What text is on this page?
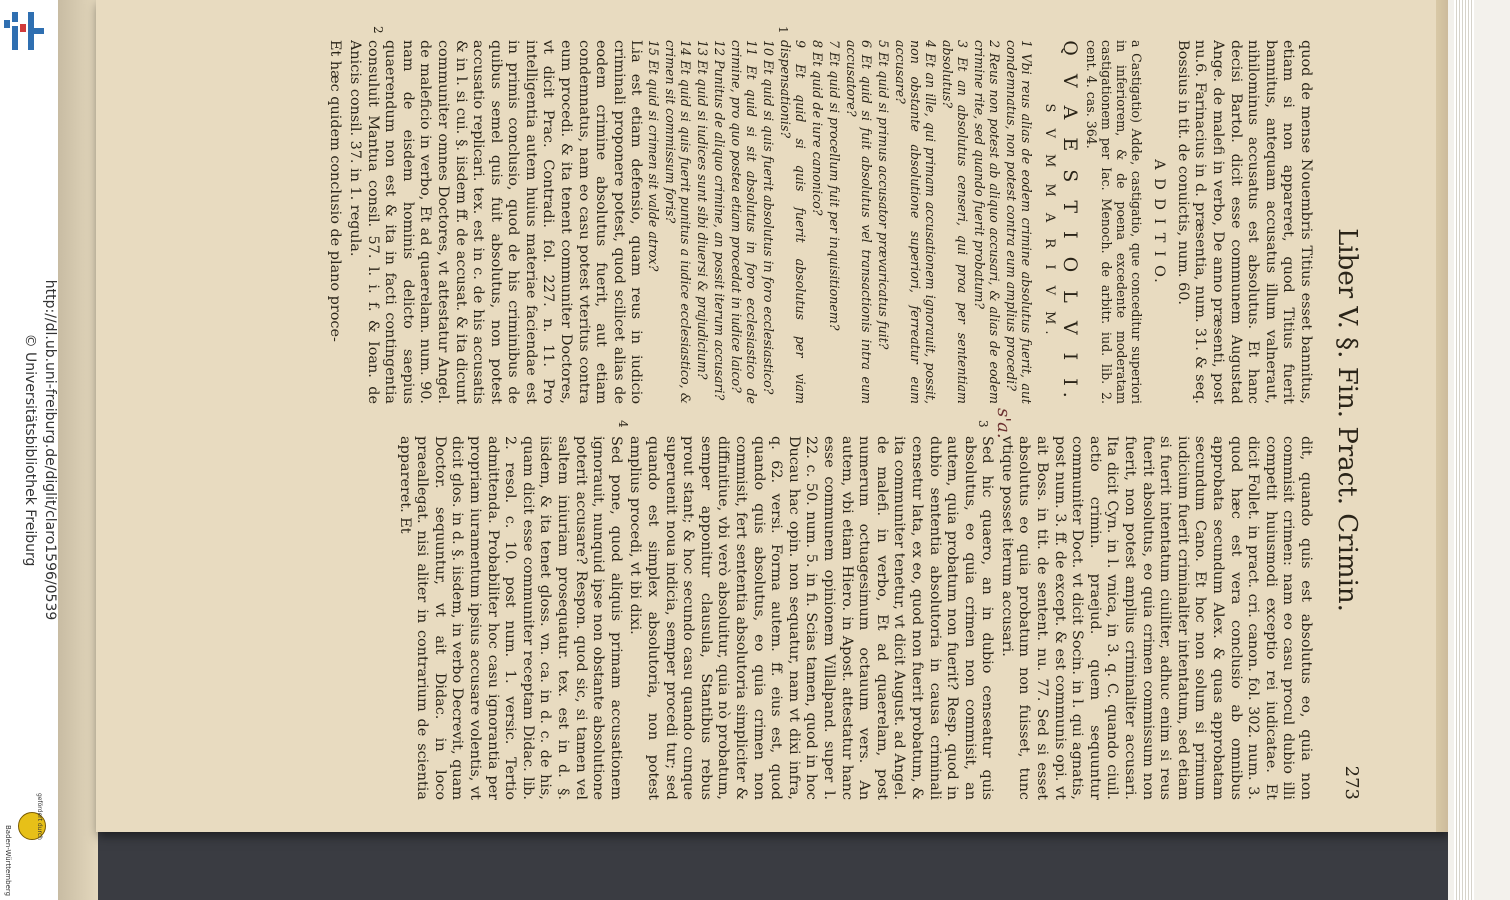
http://dl.ub.uni-freiburg.de/diglit/claro1596/0539
© Universitätsbibliothek Freiburg
gefördert durch
Baden-Württemberg
Liber V. §. Fin. Pract. Crimin.
273

quod de mense Nouembris Titius esset bannitus, etiam si non appareret, quod Titius fuerit bannitus, antequam accusatus illum valneraut, nihilominus accusatus est absolutus. Et hanc decisi Bartol. dicit esse communem Augustad Ange. de malefi in verbo, De anno præsenti, post nu.6. Farinacius in d. præsentia, num. 31. & seq. Bossius in tit. de conuictis, num. 60.

A D D I T I O.

a Castigatio) Adde, castigatio, que conceditur superiori in inferiorem, & de poena excedente moderatam castigationem per Iac. Menoch. de arbitr. iud. lib. 2. cent. 4. cas. 364.

Q V A E S T I O L V I I.
S V M M A R I V M.

1 Vbi reus alias de eodem crimine absolutus fuerit, aut condemnatus, non potest contra eum amplius procedi?

2 Reus non potest ab aliquo accusari, & alias de eodem crimine rite, sed quando fuerit probatum?

3 Et an absolutus censeri, qui proa per sententiam absolutus?

4 Et an ille, qui primam accusationem ignorauit, possit, non obstante absolutione superiori, ferreatur eum accusare?

5 Et quid si primus accusator prævaricatus fuit?

6 Et quid si fuit absolutus vel transactionis intra eum accusatore?

7 Et quid si procellum fuit per inquisitionem?

8 Et quid de iure canonico?

9 Et quid si quis fuerit absolutus per viam dispensationis?

10 Et quid si quis fuerit absolutus in foro ecclesiastico?

11 Et quid si sit absolutus in foro ecclesiastico de crimine, pro quo postea etiam procedat in iudice laico?

12 Punitus de aliquo crimine, an possit iterum accusari?

13 Et quid si iudices sunt sibi diuersi & prajudicium?

14 Et quid si quis fuerit punitus a iudice ecclesiastico, & crimen sit commissum foris?

15 Et quid si crimen sit valde atrox?

Lia est etiam defensio, quam reus in iudicio criminali proponere potest, quod scilicet alias de eodem crimine absolutus fuerit, aut etiam condemnatus, nam eo casu potest vteritus contra eum procedi. & ita tenent communiter Doctores, vt dicit Prac. Contradi. fol. 227. n. 11. Pro intelligentia autem huius materiae faciendae est in primis conclusio, quod de his criminibus de quibus semel quis fuit absolutus, non potest accusatio replicari. tex. est in c. de his accusatis & in l. si cui. §. iisdem ff. de accusat. & ita dicunt communiter omnes Doctores, vt attestatur Angel. de maleficio in verbo, Et ad quaerelam. num. 90. nam de eisdem hominis delicto saepius quaerendum non est & ita in facti contingentia consuluit Mantua consil. 57. l. i. f. & Ioan. de Anicis consil. 37. in 1. regula.

Et hæc quidem conclusio de plano proce-

dit, quando quis est absolutus eo, quia non commisit crimen: nam eo casu procul dubio illi competit huiusmodi exceptio rei iudicatae. Et dicit Follet. in pract. cri. canon. fol. 302. num. 3. quod hæc est vera conclusio ab omnibus approbata secundum Alex. & quas approbatam secundum Cano. Et hoc non solum si primum iudicium fuerit criminaliter intentatum, sed etiam si fuerit intentatum ciuiliter, adhuc enim si reus fuerit absolutus, eo quia crimen commissum non fuerit, non potest amplius criminaliter accusari. Ita dicit Cyn. in l. vnica, in 3. q. C. quando ciuil. actio crimin. praejud. quem sequuntur communiter Doct. vt dicit Socin. in l. qui agnatis, post num. 3. ff. de except. & est communis opi. vt ait Boss. in tit. de sentent. nu. 77. Sed si esset absolutus eo quia probatum non fuisset, tunc vtique posset iterum accusari.

Sed hic quaero, an in dubio censeatur quis absolutus, eo quia crimen non commisit, an autem, quia probatum non fuerit? Resp. quod in dubio sententia absolutoria in causa criminali censetur lata, ex eo, quod non fuerit probatum, & ita communiter tenetur, vt dicit August. ad Angel. de malefi. in verbo, Et ad quaerelam, post numerum octuagesimum octauum vers. An autem, vbi etiam Hiero. in Apost. attestatur hanc esse communem opinionem Villalpand. super l. 22. c. 50. num. 5. in fi. Scias tamen, quod in hoc Ducau hac opin. non sequatur, nam vt dixi infra, q. 62. versi. Forma autem. ff. eius est, quod quando quis absolutus, eo quia crimen non commisit, fert sententia absolutoria simpliciter & diffinitiue, vbi verò absoluitur, quia nò probatum, semper apponitur clausula, Stantibus rebus prout stant; & hoc secundo casu quando cunque superuenit noua indicia, semper procedi tur; sed quando est simplex absolutoria, non potest amplius procedi, vt ibi dixi.

Sed pone, quod aliquis primam accusationem ignorauit, nunquid ipse non obstante absolutione poterit accusare? Respon. quod sic, si tamen vel saltem iniuriam prosequatur. tex. est in d. §. iisdem, & ita tenet gloss. vn. ca. in d. c. de his, quam dicit esse communiter receptam Didac. lib. 2. resol. c. 10. post num. 1. versic. Tertio admittenda. Probabiliter hoc casu ignorantia per propriam iuramentum ipsius accusare volentis, vt dicit glos. in d. §. iisdem, in verbo Decrevit, quam Doctor. sequuntur, vt ait Didac. in loco praeallegat. nisi aliter in contrarium de scientia appareret. Et

3
4
1
2
s'a.
